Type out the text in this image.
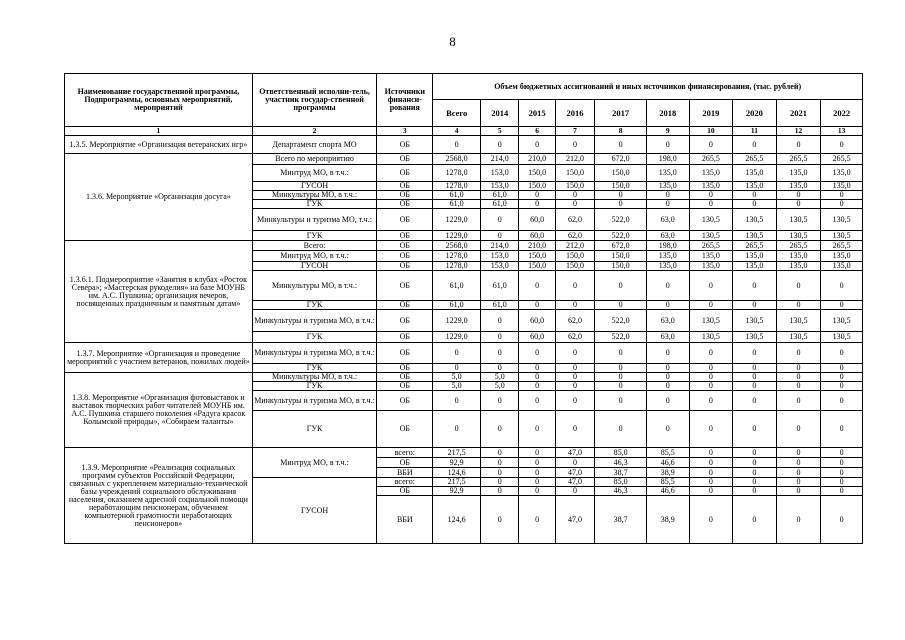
8
Наименование государственной программы, Подпрограммы, основных мероприятий, мероприятий	Ответственный исполни-тель, участник государ-ственной программы	Источники финанси-рования	Объем бюджетных ассигнований и иных источников финансирования, (тыс. рублей)									
			Всего	2014	2015	2016	2017	2018	2019	2020	2021	2022
1	2	3	4	5	6	7	8	9	10	11	12	13
1.3.5. Мероприятие «Организация ветеранских игр»	Департамент спорта МО	ОБ	0	0	0	0	0	0	0	0	0	0
1.3.6. Мероприятие «Организация досуга»	Всего по мероприятию	ОБ	2568,0	214,0	210,0	212,0	672,0	198,0	265,5	265,5	265,5	265,5
	Минтруд МО, в т.ч.:	ОБ	1278,0	153,0	150,0	150,0	150,0	135,0	135,0	135,0	135,0	135,0
	ГУСОН	ОБ	1278,0	153,0	150,0	150,0	150,0	135,0	135,0	135,0	135,0	135,0
	Минкультуры МО, в т.ч.:	ОБ	61,0	61,0	0	0	0	0	0	0	0	0
	ГУК	ОБ	61,0	61,0	0	0	0	0	0	0	0	0
	Минкультуры и туризма МО, т.ч.:	ОБ	1229,0	0	60,0	62,0	522,0	63,0	130,5	130,5	130,5	130,5
	ГУК	ОБ	1229,0	0	60,0	62,0	522,0	63,0	130,5	130,5	130,5	130,5
1.3.6.1. Подмероприятие «Занятия в клубах «Росток Севера»; «Мастерская рукоделия» на базе МОУНБ им. А.С. Пушкина; организация вечеров, посвященных праздничным и памятным датам»	Всего:	ОБ	2568,0	214,0	210,0	212,0	672,0	198,0	265,5	265,5	265,5	265,5
	Минтруд МО, в т.ч.:	ОБ	1278,0	153,0	150,0	150,0	150,0	135,0	135,0	135,0	135,0	135,0
	ГУСОН	ОБ	1278,0	153,0	150,0	150,0	150,0	135,0	135,0	135,0	135,0	135,0
	Минкультуры МО, в т.ч.:	ОБ	61,0	61,0	0	0	0	0	0	0	0	0
	ГУК	ОБ	61,0	61,0	0	0	0	0	0	0	0	0
	Минкультуры и туризма МО, в т.ч.:	ОБ	1229,0	0	60,0	62,0	522,0	63,0	130,5	130,5	130,5	130,5
	ГУК	ОБ	1229,0	0	60,0	62,0	522,0	63,0	130,5	130,5	130,5	130,5
1.3.7. Мероприятие «Организация и проведение мероприятий с участием ветеранов, пожилых людей»	Минкультуры и туризма МО, в т.ч.:	ОБ	0	0	0	0	0	0	0	0	0	0
	ГУК	ОБ	0	0	0	0	0	0	0	0	0	0
1.3.8. Мероприятие «Организация фотовыставок и выставок творческих работ читателей МОУНБ им. А.С. Пушкина старшего поколения «Радуга красок Колымской природы», «Собираем таланты»	Минкультуры МО, в т.ч.:	ОБ	5,0	5,0	0	0	0	0	0	0	0	0
	ГУК	ОБ	5,0	5,0	0	0	0	0	0	0	0	0
	Минкультуры и туризма МО, в т.ч.:	ОБ	0	0	0	0	0	0	0	0	0	0
	ГУК	ОБ	0	0	0	0	0	0	0	0	0	0
1.3.9. Мероприятие «Реализация социальных программ субъектов Российской Федерации, связанных с укреплением материально-технической базы учреждений социального обслуживания населения, оказанием адресной социальной помощи неработающим пенсионерам, обучением компьютерной грамотности неработающих пенсионеров»	Минтруд МО, в т.ч.:	всего:	217,5	0	0	47,0	85,0	85,5	0	0	0	0
		ОБ	92,9	0	0	0	46,3	46,6	0	0	0	0
		ВБИ	124,6	0	0	47,0	38,7	38,9	0	0	0	0
	ГУСОН	всего:	217,5	0	0	47,0	85,0	85,5	0	0	0	0
		ОБ	92,9	0	0	0	46,3	46,6	0	0	0	0
		ВБИ	124,6	0	0	47,0	38,7	38,9	0	0	0	0
